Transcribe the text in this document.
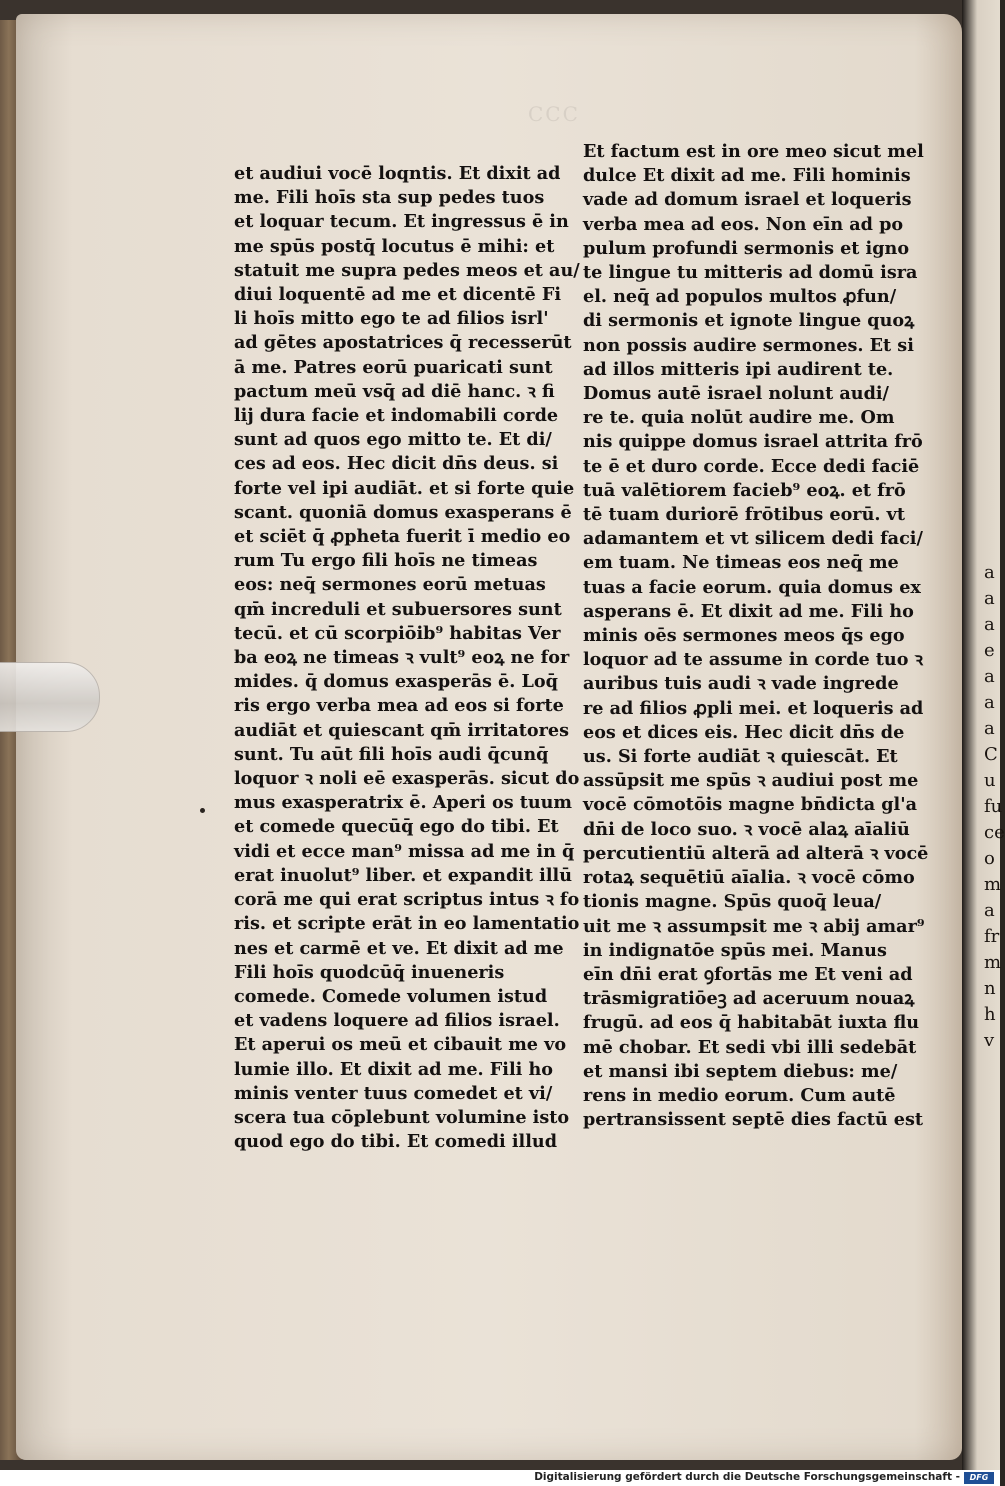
a
a
a
e
a
a
a
C
u
fu
ce
o
m
a
fr
m
n
h
v
CCC
et audiui vocē loqntis. Et dixit ad
me. Fili hoīs sta sup pedes tuos
et loquar tecum. Et ingressus ē in
me spūs postq̄ locutus ē mihi: et
statuit me supra pedes meos et au/
diui loquentē ad me et dicentē Fi
li hoīs mitto ego te ad filios isrl'
ad gētes apostatrices q̄ recesserūt
ā me. Patres eorū puaricati sunt
pactum meū vsq̄ ad diē hanc. ꝛ fi
lij dura facie et indomabili corde
sunt ad quos ego mitto te. Et di/
ces ad eos. Hec dicit dn̄s deus. si
forte vel ipi audiāt. et si forte quie
scant. quoniā domus exasperans ē
et sciēt q̄ ꝓpheta fuerit ī medio eo
rum Tu ergo fili hoīs ne timeas
eos: neq̄ sermones eorū metuas
qm̄ increduli et subuersores sunt
tecū. et cū scorpiōib⁹ habitas Ver
ba eoꝝ ne timeas ꝛ vult⁹ eoꝝ ne for
mides. q̄ domus exasperās ē. Loq̄
ris ergo verba mea ad eos si forte
audiāt et quiescant qm̄ irritatores
sunt. Tu aūt fili hoīs audi q̄cunq̄
loquor ꝛ noli eē exasperās. sicut do
mus exasperatrix ē. Aperi os tuum
et comede quecūq̄ ego do tibi. Et
vidi et ecce man⁹ missa ad me in q̄
erat inuolut⁹ liber. et expandit illū
corā me qui erat scriptus intus ꝛ fo
ris. et scripte erāt in eo lamentatio
nes et carmē et ve. Et dixit ad me
Fili hoīs quodcūq̄ inueneris
comede. Comede volumen istud
et vadens loquere ad filios israel.
Et aperui os meū et cibauit me vo
lumie illo. Et dixit ad me. Fili ho
minis venter tuus comedet et vi/
scera tua cōplebunt volumine isto
quod ego do tibi. Et comedi illud
Et factum est in ore meo sicut mel
dulce Et dixit ad me. Fili hominis
vade ad domum israel et loqueris
verba mea ad eos. Non eīn ad po
pulum profundi sermonis et igno
te lingue tu mitteris ad domū isra
el. neq̄ ad populos multos ꝓfun/
di sermonis et ignote lingue quoꝝ
non possis audire sermones. Et si
ad illos mitteris ipi audirent te.
Domus autē israel nolunt audi/
re te. quia nolūt audire me. Om
nis quippe domus israel attrita frō
te ē et duro corde. Ecce dedi faciē
tuā valētiorem facieb⁹ eoꝝ. et frō
tē tuam duriorē frōtibus eorū. vt
adamantem et vt silicem dedi faci/
em tuam. Ne timeas eos neq̄ me
tuas a facie eorum. quia domus ex
asperans ē. Et dixit ad me. Fili ho
minis oēs sermones meos q̄s ego
loquor ad te assume in corde tuo ꝛ
auribus tuis audi ꝛ vade ingrede
re ad filios ꝓpli mei. et loqueris ad
eos et dices eis. Hec dicit dn̄s de
us. Si forte audiāt ꝛ quiescāt. Et
assūpsit me spūs ꝛ audiui post me
vocē cōmotōis magne bn̄dicta gl'a
dn̄i de loco suo. ꝛ vocē alaꝝ aīaliū
percutientiū alterā ad alterā ꝛ vocē
rotaꝝ sequētiū aīalia. ꝛ vocē cōmo
tionis magne. Spūs quoq̄ leua/
uit me ꝛ assumpsit me ꝛ abij amar⁹
in indignatōe spūs mei. Manus
eīn dn̄i erat ꝯfortās me Et veni ad
trāsmigratiōeꝫ ad aceruum nouaꝝ
frugū. ad eos q̄ habitabāt iuxta flu
mē chobar. Et sedi vbi illi sedebāt
et mansi ibi septem diebus: me/
rens in medio eorum. Cum autē
pertransissent septē dies factū est
Digitalisierung gefördert durch die Deutsche Forschungsgemeinschaft -	DFG
